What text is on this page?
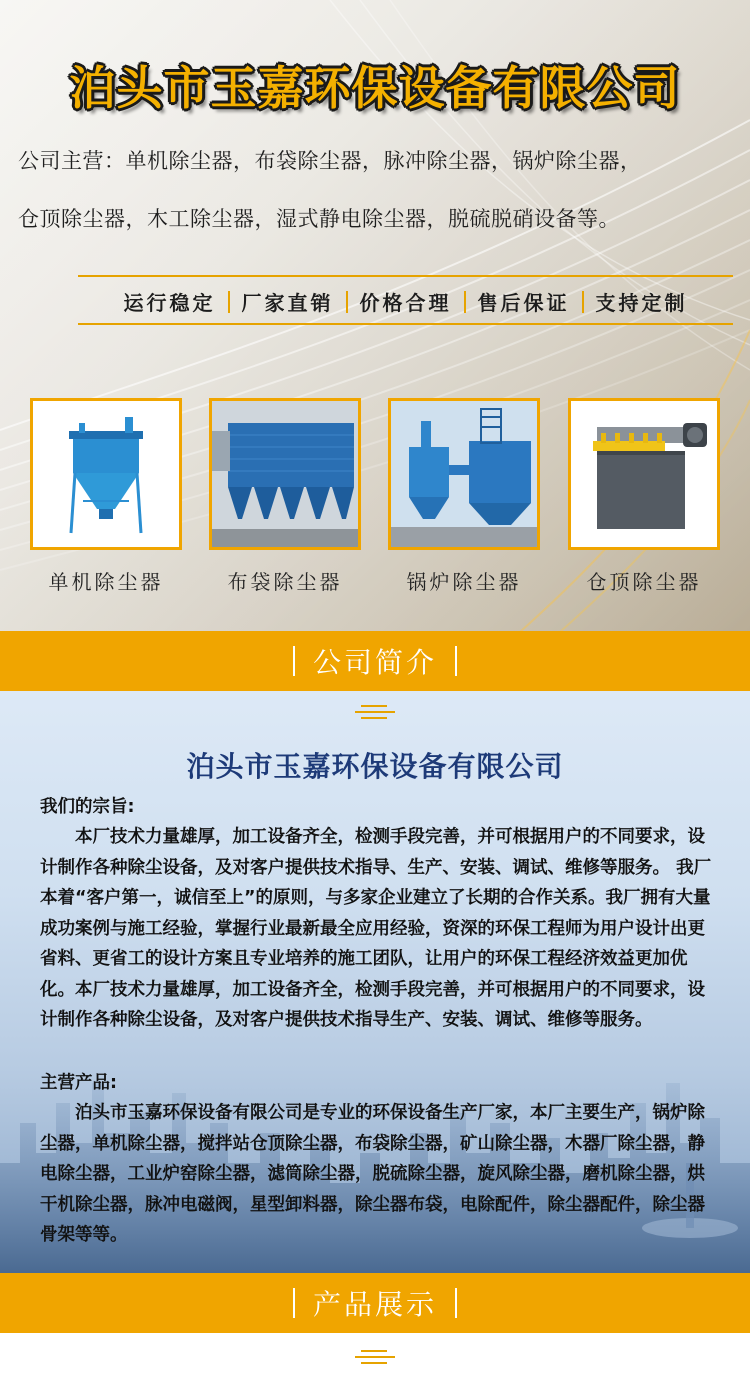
泊头市玉嘉环保设备有限公司
公司主营：单机除尘器，布袋除尘器，脉冲除尘器，锅炉除尘器，
仓顶除尘器，木工除尘器，湿式静电除尘器，脱硫脱硝设备等。
运行稳定 厂家直销 价格合理 售后保证 支持定制
单机除尘器	布袋除尘器	锅炉除尘器	仓顶除尘器
公司简介
泊头市玉嘉环保设备有限公司
我们的宗旨:
本厂技术力量雄厚，加工设备齐全，检测手段完善，并可根据用户的不同要求，设计制作各种除尘设备，及对客户提供技术指导、生产、安装、调试、维修等服务。 我厂本着“客户第一，诚信至上”的原则，与多家企业建立了长期的合作关系。我厂拥有大量成功案例与施工经验，掌握行业最新最全应用经验，资深的环保工程师为用户设计出更省料、更省工的设计方案且专业培养的施工团队，让用户的环保工程经济效益更加优化。本厂技术力量雄厚，加工设备齐全，检测手段完善，并可根据用户的不同要求，设计制作各种除尘设备，及对客户提供技术指导生产、安装、调试、维修等服务。
主营产品:
泊头市玉嘉环保设备有限公司是专业的环保设备生产厂家，本厂主要生产，锅炉除尘器，单机除尘器，搅拌站仓顶除尘器，布袋除尘器，矿山除尘器，木器厂除尘器，静电除尘器，工业炉窑除尘器，滤筒除尘器，脱硫除尘器，旋风除尘器，磨机除尘器，烘干机除尘器，脉冲电磁阀，星型卸料器，除尘器布袋，电除配件，除尘器配件，除尘器骨架等等。
产品展示
